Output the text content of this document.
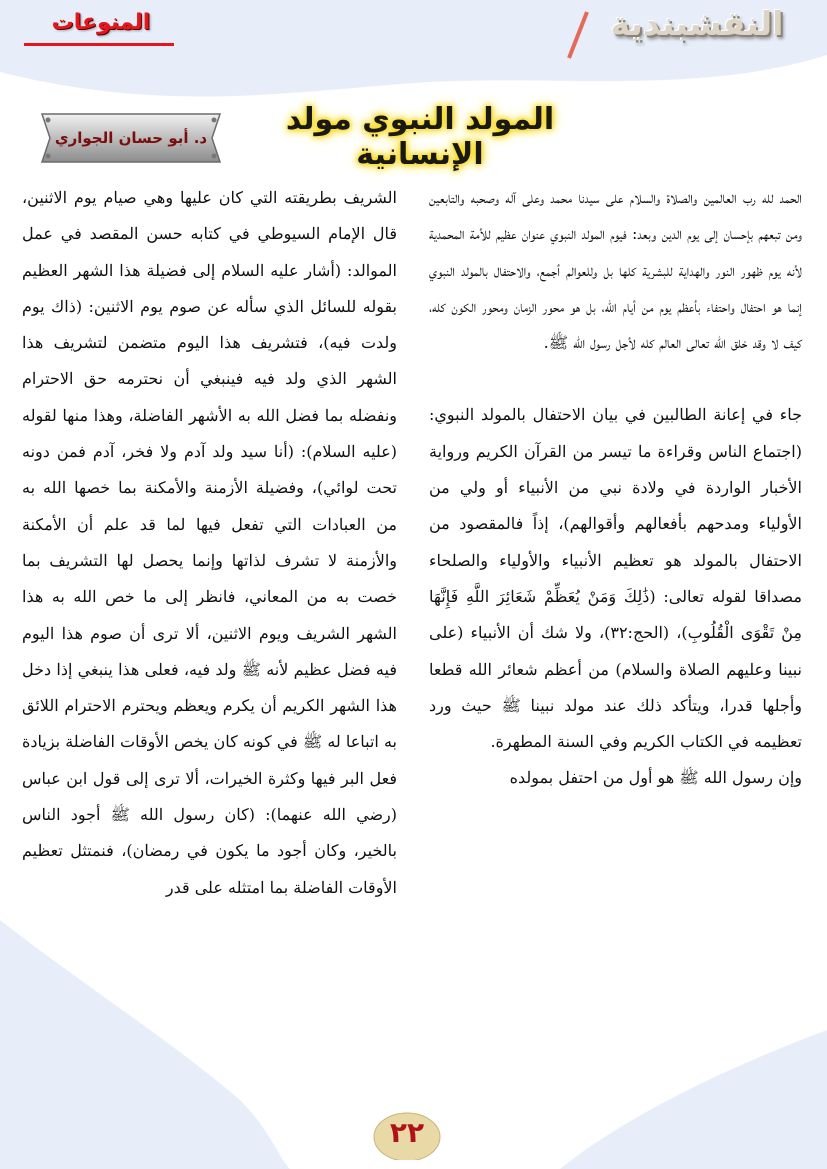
النقشبندية
المنوعات
المولد النبوي مولد الإنسانية
د. أبو حسان الجواري

الحمد لله رب العالمين والصلاة والسلام على سيدنا محمد وعلى آله وصحبه والتابعين ومن تبعهم بإحسان إلى يوم الدين وبعد: فيوم المولد النبوي عنوان عظيم للأمة المحمدية لأنه يوم ظهور النور والهداية للبشرية كلها بل وللعوالم أجمع، والاحتفال بالمولد النبوي إنما هو احتفال واحتفاء بأعظم يوم من أيام الله، بل هو محور الزمان ومحور الكون كله، كيف لا وقد خلق الله تعالى العالم كله لأجل رسول الله ﷺ.

جاء في إعانة الطالبين في بيان الاحتفال بالمولد النبوي: (اجتماع الناس وقراءة ما تيسر من القرآن الكريم ورواية الأخبار الواردة في ولادة نبي من الأنبياء أو ولي من الأولياء ومدحهم بأفعالهم وأقوالهم)، إذاً فالمقصود من الاحتفال بالمولد هو تعظيم الأنبياء والأولياء والصلحاء مصداقا لقوله تعالى: (ذَٰلِكَ وَمَنْ يُعَظِّمْ شَعَائِرَ اللَّهِ فَإِنَّهَا مِنْ تَقْوَى الْقُلُوبِ)، (الحج:٣٢)، ولا شك أن الأنبياء (على نبينا وعليهم الصلاة والسلام) من أعظم شعائر الله قطعا وأجلها قدرا، ويتأكد ذلك عند مولد نبينا ﷺ حيث ورد تعظيمه في الكتاب الكريم وفي السنة المطهرة.

وإن رسول الله ﷺ هو أول من احتفل بمولده

الشريف بطريقته التي كان عليها وهي صيام يوم الاثنين، قال الإمام السيوطي في كتابه حسن المقصد في عمل الموالد: (أشار عليه السلام إلى فضيلة هذا الشهر العظيم بقوله للسائل الذي سأله عن صوم يوم الاثنين: (ذاك يوم ولدت فيه)، فتشريف هذا اليوم متضمن لتشريف هذا الشهر الذي ولد فيه فينبغي أن نحترمه حق الاحترام ونفضله بما فضل الله به الأشهر الفاضلة، وهذا منها لقوله (عليه السلام): (أنا سيد ولد آدم ولا فخر، آدم فمن دونه تحت لوائي)، وفضيلة الأزمنة والأمكنة بما خصها الله به من العبادات التي تفعل فيها لما قد علم أن الأمكنة والأزمنة لا تشرف لذاتها وإنما يحصل لها التشريف بما خصت به من المعاني، فانظر إلى ما خص الله به هذا الشهر الشريف ويوم الاثنين، ألا ترى أن صوم هذا اليوم فيه فضل عظيم لأنه ﷺ ولد فيه، فعلى هذا ينبغي إذا دخل هذا الشهر الكريم أن يكرم ويعظم ويحترم الاحترام اللائق به اتباعا له ﷺ في كونه كان يخص الأوقات الفاضلة بزيادة فعل البر فيها وكثرة الخيرات، ألا ترى إلى قول ابن عباس (رضي الله عنهما): (كان رسول الله ﷺ أجود الناس بالخير، وكان أجود ما يكون في رمضان)، فنمتثل تعظيم الأوقات الفاضلة بما امتثله على قدر

٢٢
